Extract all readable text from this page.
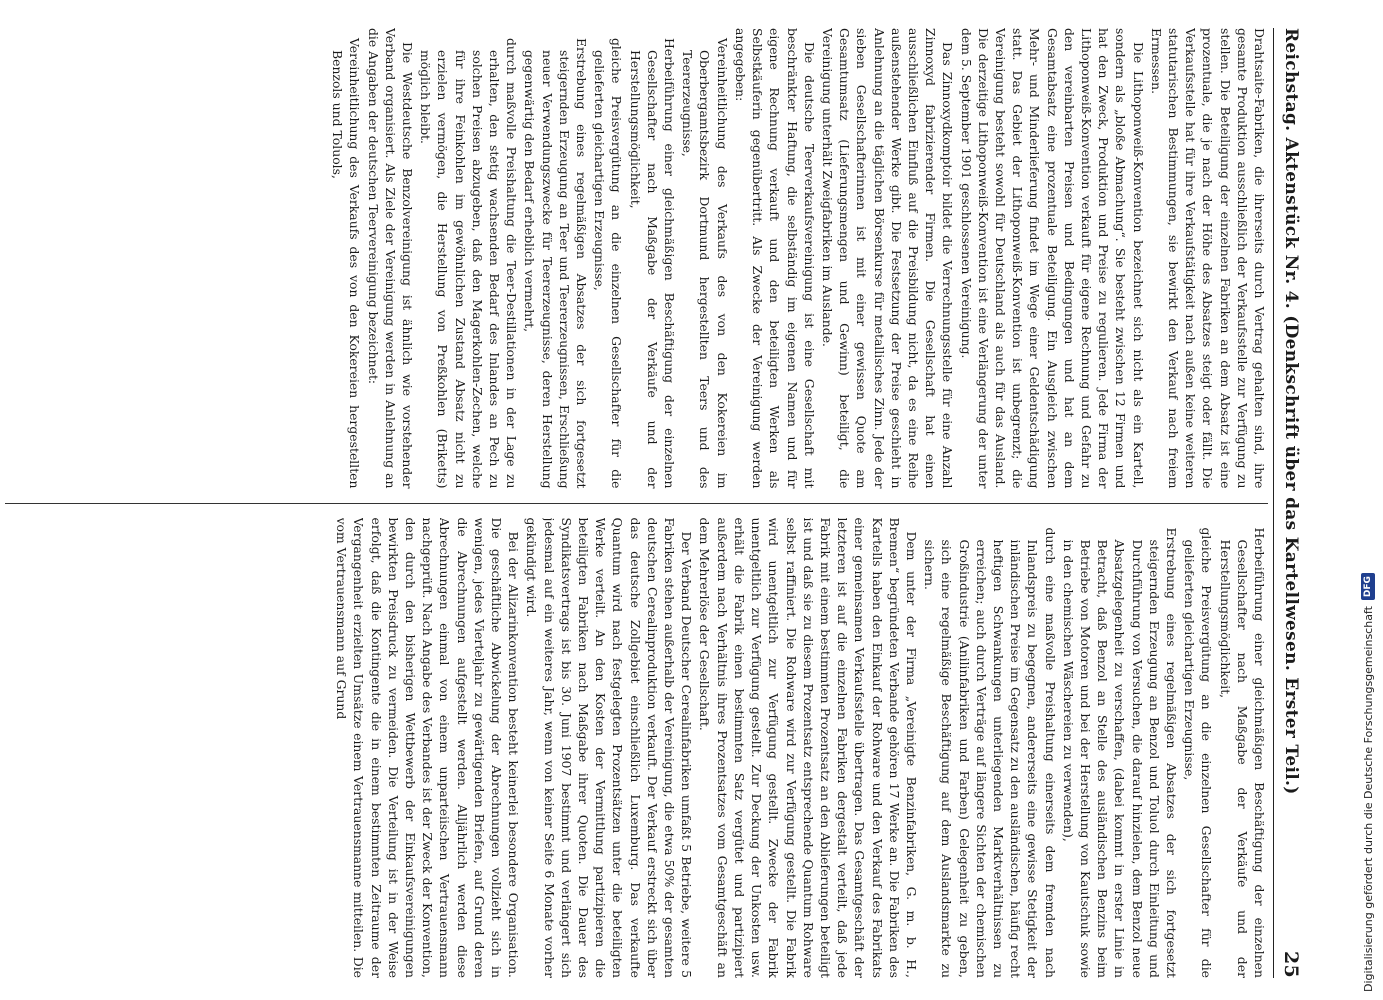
Reichstag. Aktenstück Nr. 4. (Denkschrift über das Kartellwesen. Erster Teil.)
25

Drahtsaite-Fabriken, die ihrerseits durch Vertrag gehalten sind, ihre gesamte Produktion ausschließlich der Verkaufsstelle zur Verfügung zu stellen. Die Beteiligung der einzelnen Fabriken an dem Absatz ist eine prozentuale, die je nach der Höhe des Absatzes steigt oder fällt. Die Verkaufsstelle hat für ihre Verkaufstätigkeit nach außen keine weiteren statutarischen Bestimmungen, sie bewirkt den Verkauf nach freiem Ermessen.

Die Lithoponweiß-Konvention bezeichnet sich nicht als ein Kartell, sondern als „bloße Abmachung“. Sie besteht zwischen 12 Firmen und hat den Zweck, Produktion und Preise zu regulieren. Jede Firma der Lithoponweiß-Konvention verkauft für eigene Rechnung und Gefahr zu den vereinbarten Preisen und Bedingungen und hat an dem Gesamtabsatz eine prozentuale Beteiligung. Ein Ausgleich zwischen Mehr- und Minderlieferung findet im Wege einer Geldentschädigung statt. Das Gebiet der Lithoponweiß-Konvention ist unbegrenzt; die Vereinigung besteht sowohl für Deutschland als auch für das Ausland. Die derzeitige Lithoponweiß-Konvention ist eine Verlängerung der unter dem 5. September 1901 geschlossenen Vereinigung.

Das Zinnoxydkomptoir bildet die Verrechnungsstelle für eine Anzahl Zinnoxyd fabrizierender Firmen. Die Gesellschaft hat einen ausschließlichen Einfluß auf die Preisbildung nicht, da es eine Reihe außenstehender Werke gibt. Die Festsetzung der Preise geschieht in Anlehnung an die täglichen Börsenkurse für metallisches Zinn. Jede der sieben Gesellschafterinnen ist mit einer gewissen Quote am Gesamtumsatz (Lieferungsmengen und Gewinn) beteiligt, die Vereinigung unterhält Zweigfabriken im Auslande.

Die deutsche Teerverkaufsvereinigung ist eine Gesellschaft mit beschränkter Haftung, die selbständig im eigenen Namen und für eigene Rechnung verkauft und den beteiligten Werken als Selbstkäuferin gegenübertritt. Als Zwecke der Vereinigung werden angegeben:

Vereinheitlichung des Verkaufs des von den Kokereien im Oberbergamtsbezirk Dortmund hergestellten Teers und des Teererzeugnisse,

Herbeiführung einer gleichmäßigen Beschäftigung der einzelnen Gesellschafter nach Maßgabe der Verkäufe und der Herstellungsmöglichkeit,

gleiche Preisvergütung an die einzelnen Gesellschafter für die gelieferten gleichartigen Erzeugnisse,

Erstrebung eines regelmäßigen Absatzes der sich fortgesetzt steigernden Erzeugung an Teer und Teererzeugnissen, Erschließung neuer Verwendungszwecke für Teererzeugnisse, deren Herstellung gegenwärtig den Bedarf erheblich vermehrt,

durch maßvolle Preishaltung die Teer-Destillationen in der Lage zu erhalten, den stetig wachsenden Bedarf des Inlandes an Pech zu solchen Preisen abzugeben, daß den Magerkohlen-Zechen, welche für ihre Feinkohlen im gewöhnlichen Zustand Absatz nicht zu erzielen vermögen, die Herstellung von Preßkohlen (Briketts) möglich bleibt.

Die Westdeutsche Benzolvereinigung ist ähnlich wie vorstehender Verband organisiert. Als Ziele der Vereinigung werden in Anlehnung an die Angaben der deutschen Teervereinigung bezeichnet:

Vereinheitlichung des Verkaufs des von den Kokereien hergestellten Benzols und Toluols,

Herbeiführung einer gleichmäßigen Beschäftigung der einzelnen Gesellschafter nach Maßgabe der Verkäufe und der Herstellungsmöglichkeit,

gleiche Preisvergütung an die einzelnen Gesellschafter für die gelieferten gleichartigen Erzeugnisse,

Erstrebung eines regelmäßigen Absatzes der sich fortgesetzt steigernden Erzeugung an Benzol und Toluol durch Einleitung und Durchführung von Versuchen, die darauf hinzielen, dem Benzol neue Absatzgelegenheit zu verschaffen, (dabei kommt in erster Linie in Betracht, daß Benzol an Stelle des ausländischen Benzins beim Betriebe von Motoren und bei der Herstellung von Kautschuk sowie in den chemischen Wäschereien zu verwenden),

durch eine maßvolle Preishaltung einerseits dem fremden nach Inlandspreis zu begegnen, andererseits eine gewisse Stetigkeit der inländischen Preise im Gegensatz zu den ausländischen, häufig recht heftigen Schwankungen unterliegenden Marktverhältnissen zu erreichen; auch durch Verträge auf längere Sichten der chemischen Großindustrie (Anilinfabriken und Farben) Gelegenheit zu geben, sich eine regelmäßige Beschäftigung auf dem Auslandsmarkte zu sichern.

Dem unter der Firma „Vereinigte Benzinfabriken, G. m. b. H., Bremen“ begründeten Verbande gehören 17 Werke an. Die Fabriken des Kartells haben den Einkauf der Rohware und den Verkauf des Fabrikats einer gemeinsamen Verkaufsstelle übertragen. Das Gesamtgeschäft der letzteren ist auf die einzelnen Fabriken dergestalt verteilt, daß jede Fabrik mit einem bestimmten Prozentsatz an den Ablieferungen beteiligt ist und daß sie zu diesem Prozentsatz entsprechende Quantum Rohware selbst raffiniert. Die Rohware wird zur Verfügung gestellt. Die Fabrik wird unentgeltlich zur Verfügung gestellt. Zwecke der Fabrik unentgeltlich zur Verfügung gestellt. Zur Deckung der Unkosten usw. erhält die Fabrik einen bestimmten Satz vergütet und partizipiert außerdem nach Verhältnis ihres Prozentsatzes vom Gesamtgeschäft an dem Mehrerlöse der Gesellschaft.

Der Verband Deutscher Cerealinfabriken umfaßt 5 Betriebe, weitere 5 Fabriken stehen außerhalb der Vereinigung, die etwa 50% der gesamten deutschen Cerealinproduktion verkauft. Der Verkauf erstreckt sich über das deutsche Zollgebiet einschließlich Luxemburg. Das verkaufte Quantum wird nach festgelegten Prozentsätzen unter die beteiligten Werke verteilt. An den Kosten der Vermittlung partizipieren die beteiligten Fabriken nach Maßgabe ihrer Quoten. Die Dauer des Syndikatsvertrags ist bis 30. Juni 1907 bestimmt und verlängert sich jedesmal auf ein weiteres Jahr, wenn von keiner Seite 6 Monate vorher gekündigt wird.

Bei der Alizarinkonvention besteht keinerlei besondere Organisation. Die geschäftliche Abwickelung der Abrechnungen vollzieht sich in wenigen, jedes Vierteljahr zu gewärtigenden Briefen, auf Grund deren die Abrechnungen aufgestellt werden. Alljährlich werden diese Abrechnungen einmal von einem unparteiischen Vertrauensmann nachgeprüft. Nach Angabe des Verbandes ist der Zweck der Konvention, den durch den bisherigen Wettbewerb der Einkaufsvereinigungen bewirkten Preisdruck zu vermeiden. Die Verteilung ist in der Weise erfolgt, daß die Kontingente die in einem bestimmten Zeitraume der Vergangenheit erzielten Umsätze einem Vertrauensmanne mitteilen. Die vom Vertrauensmann auf Grund	Digitalisierung gefördert durch die Deutsche Forschungsgemeinschaft
DFG
